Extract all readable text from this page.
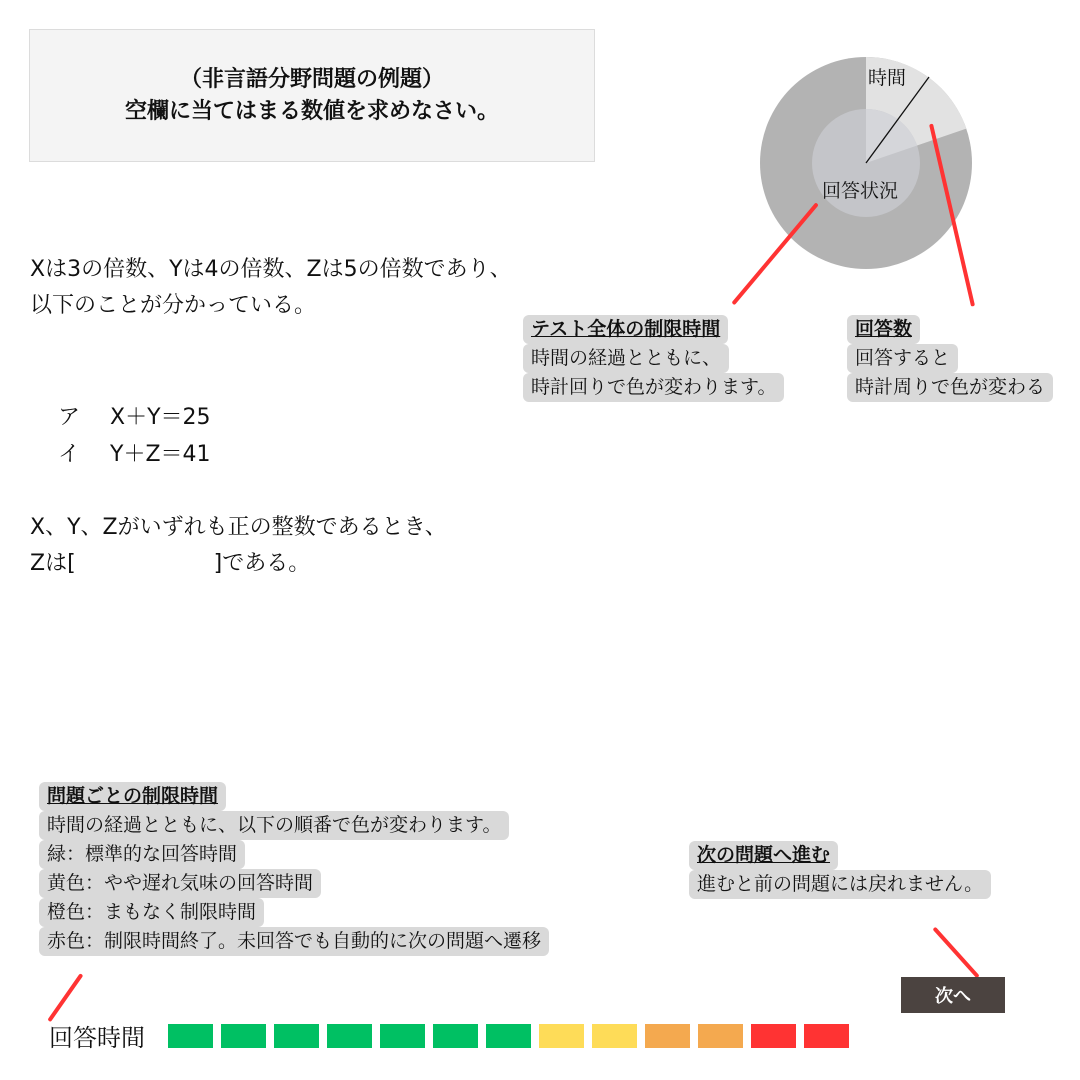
（非言語分野問題の例題）
空欄に当てはまる数値を求めなさい。
Xは3の倍数、Yは4の倍数、Zは5の倍数であり、
以下のことが分かっている。
ア	X＋Y＝25
イ	Y＋Z＝41
X、Y、Zがいずれも正の整数であるとき、
Zは[	]である。
時間
回答状況
テスト全体の制限時間
時間の経過とともに、
時計回りで色が変わります。
回答数
回答すると
時計周りで色が変わる
問題ごとの制限時間
時間の経過とともに、以下の順番で色が変わります。
緑：標準的な回答時間
黄色：やや遅れ気味の回答時間
橙色：まもなく制限時間
赤色：制限時間終了。未回答でも自動的に次の問題へ遷移
次の問題へ進む
進むと前の問題には戻れません。
回答時間
次へ
